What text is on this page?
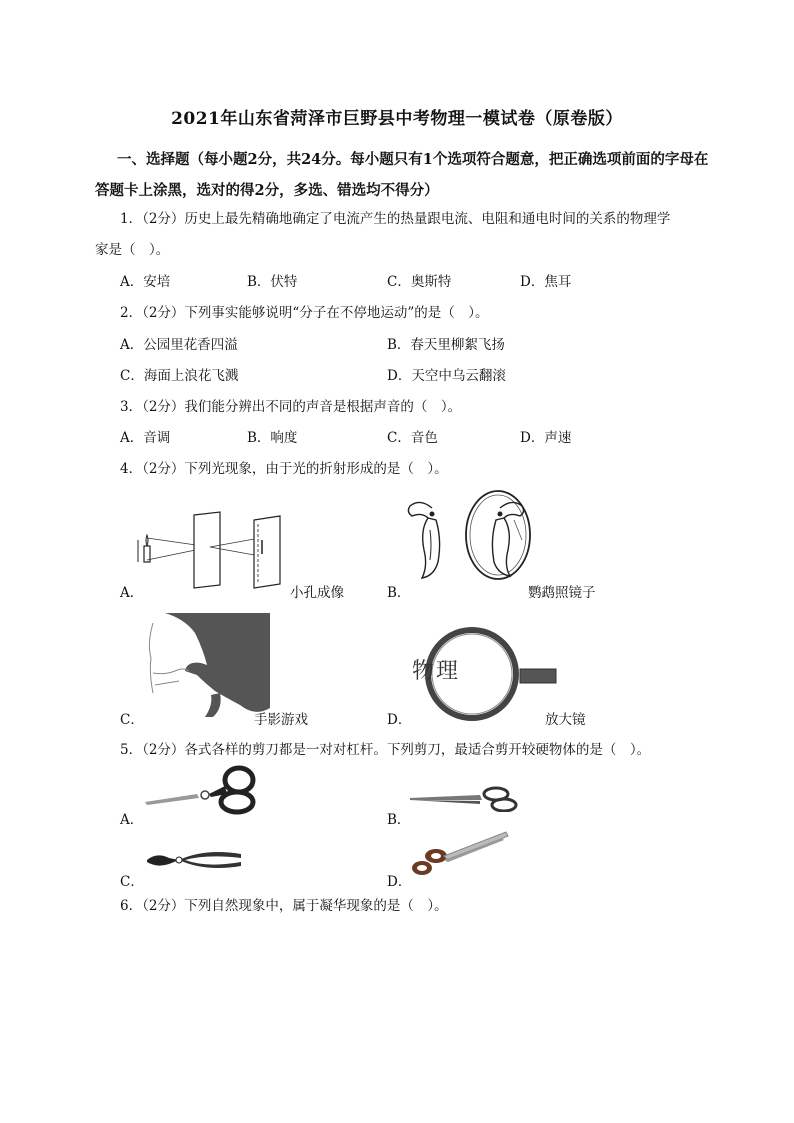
2021年山东省菏泽市巨野县中考物理一模试卷（原卷版）
一、选择题（每小题2分，共24分。每小题只有1个选项符合题意，把正确选项前面的字母在
答题卡上涂黑，选对的得2分，多选、错选均不得分）
1．（2分）历史上最先精确地确定了电流产生的热量跟电流、电阻和通电时间的关系的物理学
家是（　）。
A．安培	B．伏特	C．奥斯特	D．焦耳
2．（2分）下列事实能够说明“分子在不停地运动”的是（　）。
A．公园里花香四溢	B．春天里柳絮飞扬
C．海面上浪花飞溅	D．天空中乌云翻滚
3．（2分）我们能分辨出不同的声音是根据声音的（　）。
A．音调	B．响度	C．音色	D．声速
4．（2分）下列光现象，由于光的折射形成的是（　）。
A．	小孔成像	B．	鹦鹉照镜子
C．	手影游戏
物理
D．	放大镜
5．（2分）各式各样的剪刀都是一对对杠杆。下列剪刀，最适合剪开较硬物体的是（　）。
A．	B．
C．	D．
6．（2分）下列自然现象中，属于凝华现象的是（　）。
